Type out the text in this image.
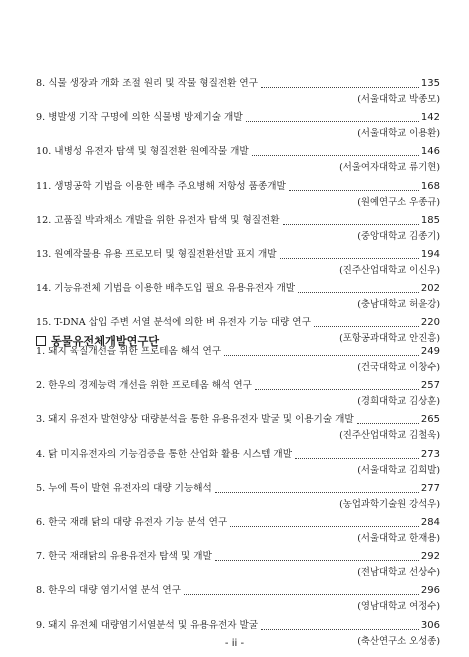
8. 식물 생장과 개화 조절 원리 및 작물 형질전환 연구	135
(서울대학교 박종모)
9. 병발생 기작 구명에 의한 식물병 방제기술 개발	142
(서울대학교 이용환)
10. 내병성 유전자 탐색 및 형질전환 원예작물 개발	146
(서울여자대학교 류기현)
11. 생명공학 기법을 이용한 배추 주요병해 저항성 품종개발	168
(원예연구소 우종규)
12. 고품질 박과채소 개발을 위한 유전자 탐색 및 형질전환	185
(중앙대학교 김종기)
13. 원예작물용 유용 프로모터 및 형질전환선발 표지 개발	194
(진주산업대학교 이신우)
14. 기능유전체 기법을 이용한 배추도입 필요 유용유전자 개발	202
(충남대학교 허윤강)
15. T-DNA 삽입 주변 서열 분석에 의한 벼 유전자 기능 대량 연구	220
(포항공과대학교 안진흥)
동물유전체개발연구단
1. 돼지 육질개선을 위한 프로테옴 해석 연구	249
(건국대학교 이창수)
2. 한우의 경제능력 개선을 위한 프로테옴 해석 연구	257
(경희대학교 김상훈)
3. 돼지 유전자 발현양상 대량분석을 통한 유용유전자 발굴 및 이용기술 개발	265
(진주산업대학교 김철욱)
4. 닭 미지유전자의 기능검증을 통한 산업화 활용 시스템 개발	273
(서울대학교 김희발)
5. 누에 특이 발현 유전자의 대량 기능해석	277
(농업과학기술원 강석우)
6. 한국 재래 닭의 대량 유전자 기능 분석 연구	284
(서울대학교 한재용)
7. 한국 재래닭의 유용유전자 탐색 및 개발	292
(전남대학교 선상수)
8. 한우의 대량 염기서열 분석 연구	296
(영남대학교 여정수)
9. 돼지 유전체 대량염기서열분석 및 유용유전자 발굴	306
(축산연구소 오성종)
- ii -
